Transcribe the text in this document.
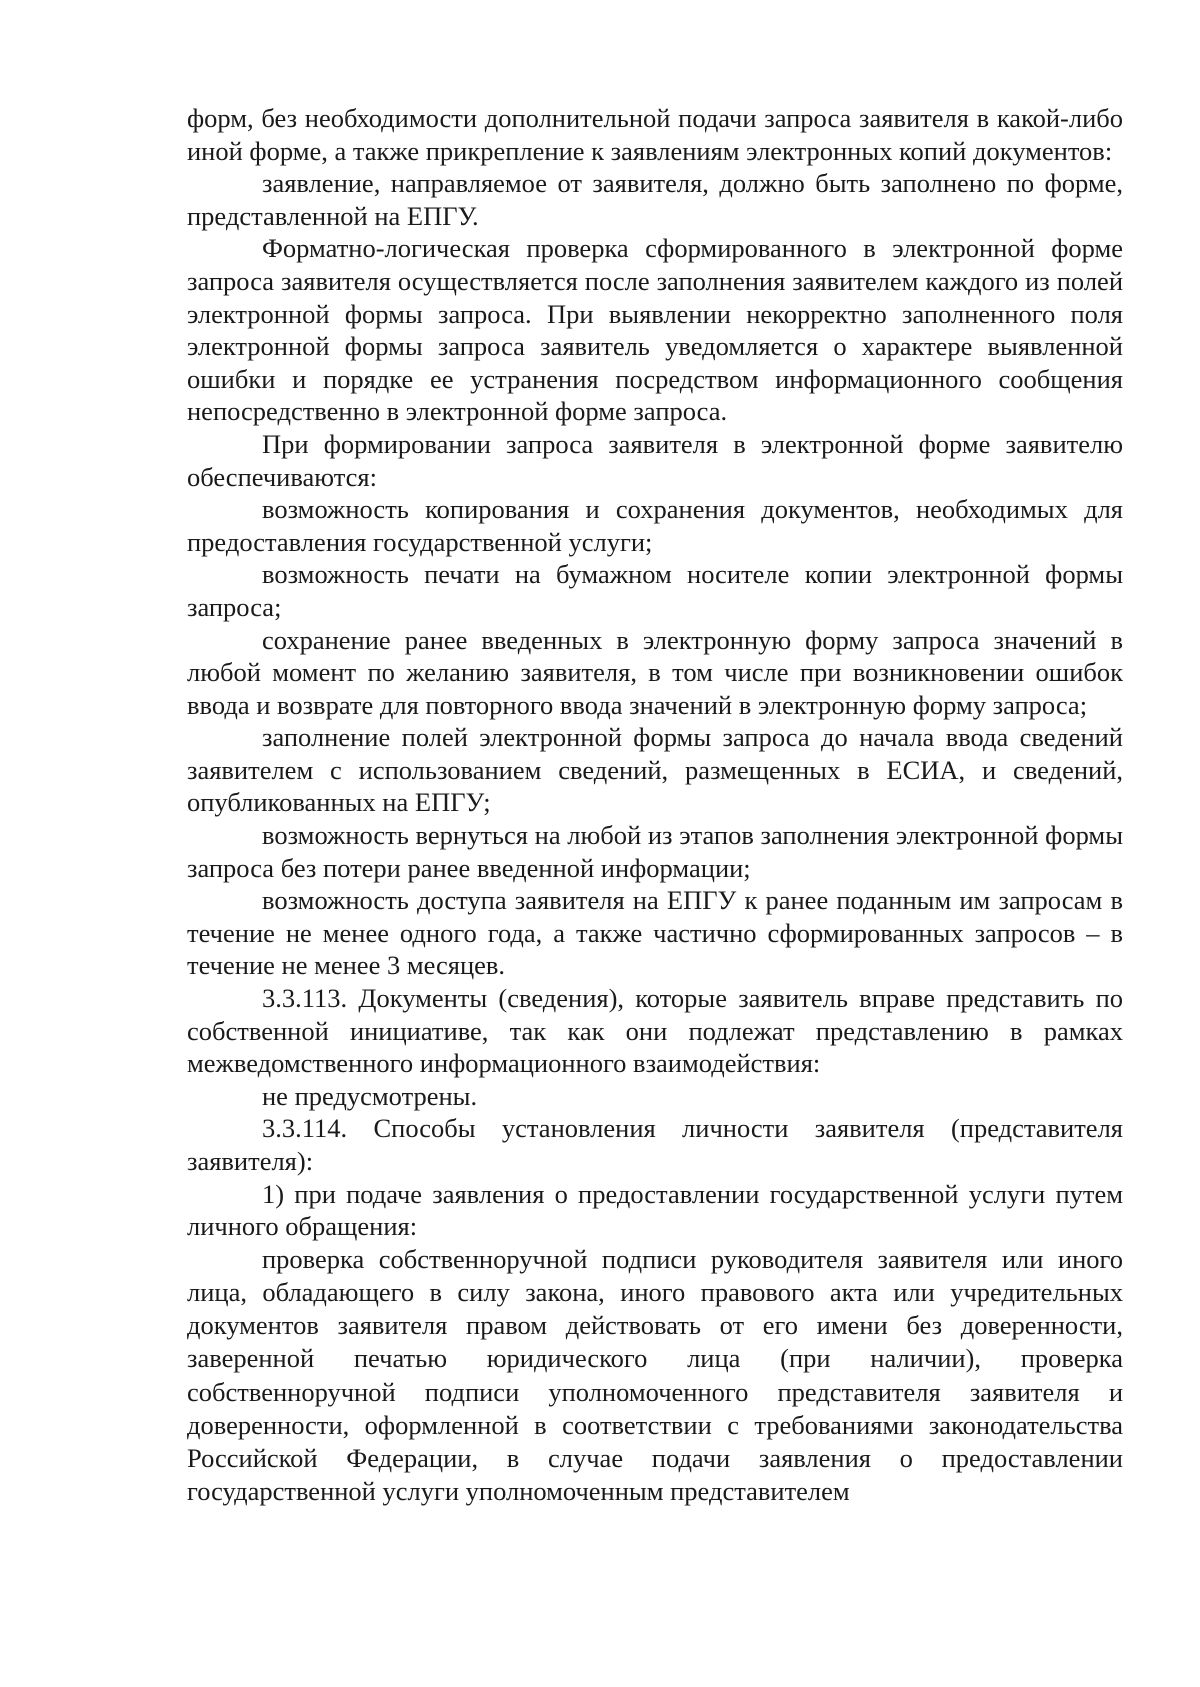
форм, без необходимости дополнительной подачи запроса заявителя в какой-либо иной форме, а также прикрепление к заявлениям электронных копий документов:

заявление, направляемое от заявителя, должно быть заполнено по форме, представленной на ЕПГУ.

Форматно-логическая проверка сформированного в электронной форме запроса заявителя осуществляется после заполнения заявителем каждого из полей электронной формы запроса. При выявлении некорректно заполненного поля электронной формы запроса заявитель уведомляется о характере выявленной ошибки и порядке ее устранения посредством информационного сообщения непосредственно в электронной форме запроса.

При формировании запроса заявителя в электронной форме заявителю обеспечиваются:

возможность копирования и сохранения документов, необходимых для предоставления государственной услуги;

возможность печати на бумажном носителе копии электронной формы запроса;

сохранение ранее введенных в электронную форму запроса значений в любой момент по желанию заявителя, в том числе при возникновении ошибок ввода и возврате для повторного ввода значений в электронную форму запроса;

заполнение полей электронной формы запроса до начала ввода сведений заявителем с использованием сведений, размещенных в ЕСИА, и сведений, опубликованных на ЕПГУ;

возможность вернуться на любой из этапов заполнения электронной формы запроса без потери ранее введенной информации;

возможность доступа заявителя на ЕПГУ к ранее поданным им запросам в течение не менее одного года, а также частично сформированных запросов – в течение не менее 3 месяцев.

3.3.113. Документы (сведения), которые заявитель вправе представить по собственной инициативе, так как они подлежат представлению в рамках межведомственного информационного взаимодействия:

не предусмотрены.

3.3.114. Способы установления личности заявителя (представителя заявителя):

1) при подаче заявления о предоставлении государственной услуги путем личного обращения:

проверка собственноручной подписи руководителя заявителя или иного лица, обладающего в силу закона, иного правового акта или учредительных документов заявителя правом действовать от его имени без доверенности, заверенной печатью юридического лица (при наличии), проверка собственноручной подписи уполномоченного представителя заявителя и доверенности, оформленной в соответствии с требованиями законодательства Российской Федерации, в случае подачи заявления о предоставлении государственной услуги уполномоченным представителем
